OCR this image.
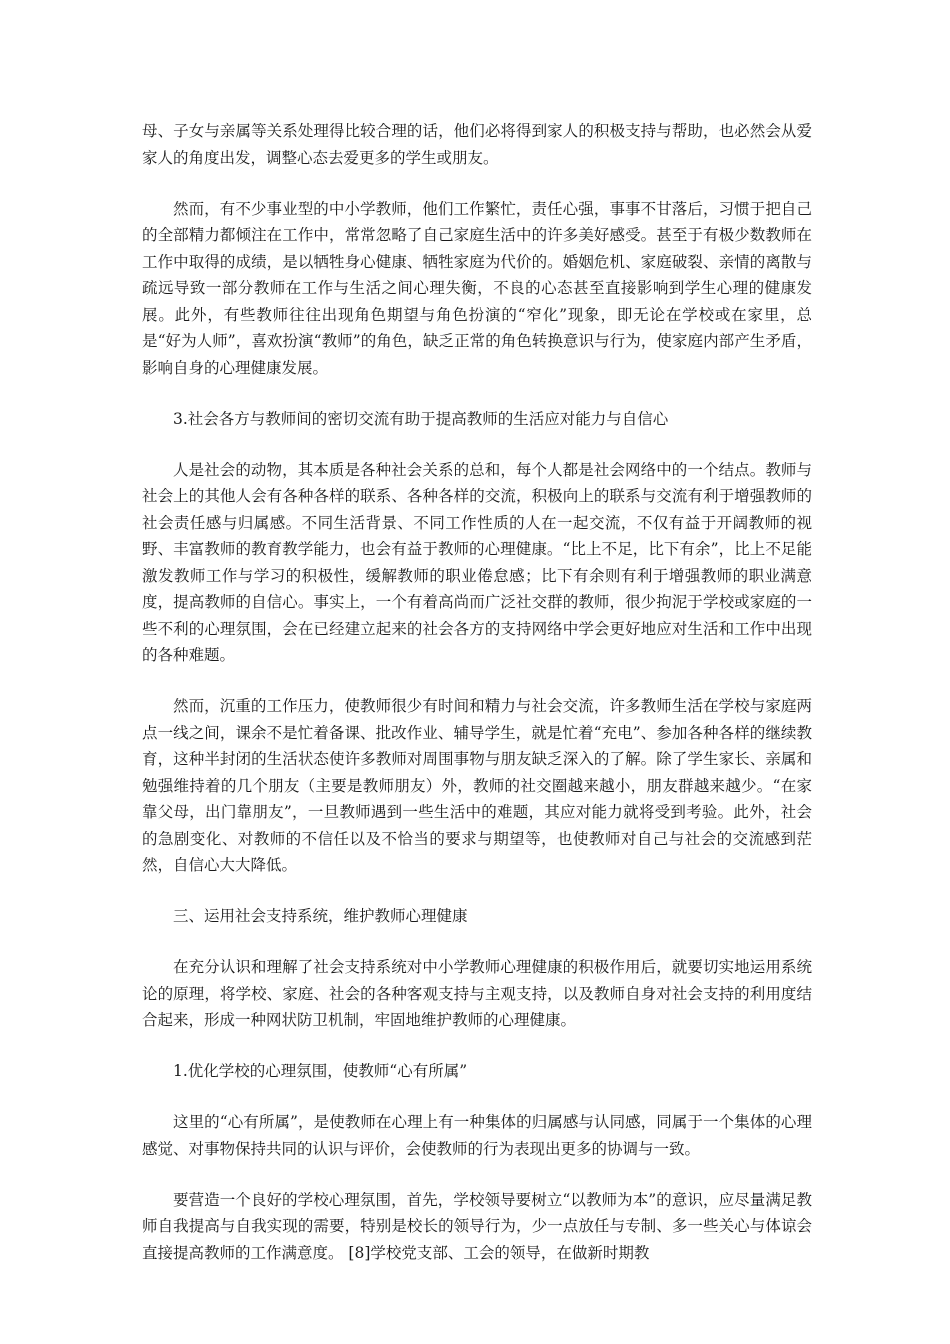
母、子女与亲属等关系处理得比较合理的话，他们必将得到家人的积极支持与帮助，也必然会从爱家人的角度出发，调整心态去爱更多的学生或朋友。

然而，有不少事业型的中小学教师，他们工作繁忙，责任心强，事事不甘落后，习惯于把自己的全部精力都倾注在工作中，常常忽略了自己家庭生活中的许多美好感受。甚至于有极少数教师在工作中取得的成绩，是以牺牲身心健康、牺牲家庭为代价的。婚姻危机、家庭破裂、亲情的离散与疏远导致一部分教师在工作与生活之间心理失衡，不良的心态甚至直接影响到学生心理的健康发展。此外，有些教师往往出现角色期望与角色扮演的“窄化”现象，即无论在学校或在家里，总是“好为人师”，喜欢扮演“教师”的角色，缺乏正常的角色转换意识与行为，使家庭内部产生矛盾，影响自身的心理健康发展。

3.社会各方与教师间的密切交流有助于提高教师的生活应对能力与自信心

人是社会的动物，其本质是各种社会关系的总和，每个人都是社会网络中的一个结点。教师与社会上的其他人会有各种各样的联系、各种各样的交流，积极向上的联系与交流有利于增强教师的社会责任感与归属感。不同生活背景、不同工作性质的人在一起交流，不仅有益于开阔教师的视野、丰富教师的教育教学能力，也会有益于教师的心理健康。“比上不足，比下有余”，比上不足能激发教师工作与学习的积极性，缓解教师的职业倦怠感；比下有余则有利于增强教师的职业满意度，提高教师的自信心。事实上，一个有着高尚而广泛社交群的教师，很少拘泥于学校或家庭的一些不利的心理氛围，会在已经建立起来的社会各方的支持网络中学会更好地应对生活和工作中出现的各种难题。

然而，沉重的工作压力，使教师很少有时间和精力与社会交流，许多教师生活在学校与家庭两点一线之间，课余不是忙着备课、批改作业、辅导学生，就是忙着“充电”、参加各种各样的继续教育，这种半封闭的生活状态使许多教师对周围事物与朋友缺乏深入的了解。除了学生家长、亲属和勉强维持着的几个朋友（主要是教师朋友）外，教师的社交圈越来越小，朋友群越来越少。“在家靠父母，出门靠朋友”，一旦教师遇到一些生活中的难题，其应对能力就将受到考验。此外，社会的急剧变化、对教师的不信任以及不恰当的要求与期望等，也使教师对自己与社会的交流感到茫然，自信心大大降低。

三、运用社会支持系统，维护教师心理健康

在充分认识和理解了社会支持系统对中小学教师心理健康的积极作用后，就要切实地运用系统论的原理，将学校、家庭、社会的各种客观支持与主观支持，以及教师自身对社会支持的利用度结合起来，形成一种网状防卫机制，牢固地维护教师的心理健康。

1.优化学校的心理氛围，使教师“心有所属”

这里的“心有所属”，是使教师在心理上有一种集体的归属感与认同感，同属于一个集体的心理感觉、对事物保持共同的认识与评价，会使教师的行为表现出更多的协调与一致。

要营造一个良好的学校心理氛围，首先，学校领导要树立“以教师为本”的意识，应尽量满足教师自我提高与自我实现的需要，特别是校长的领导行为，少一点放任与专制、多一些关心与体谅会直接提高教师的工作满意度。 [8]学校党支部、工会的领导，在做新时期教
